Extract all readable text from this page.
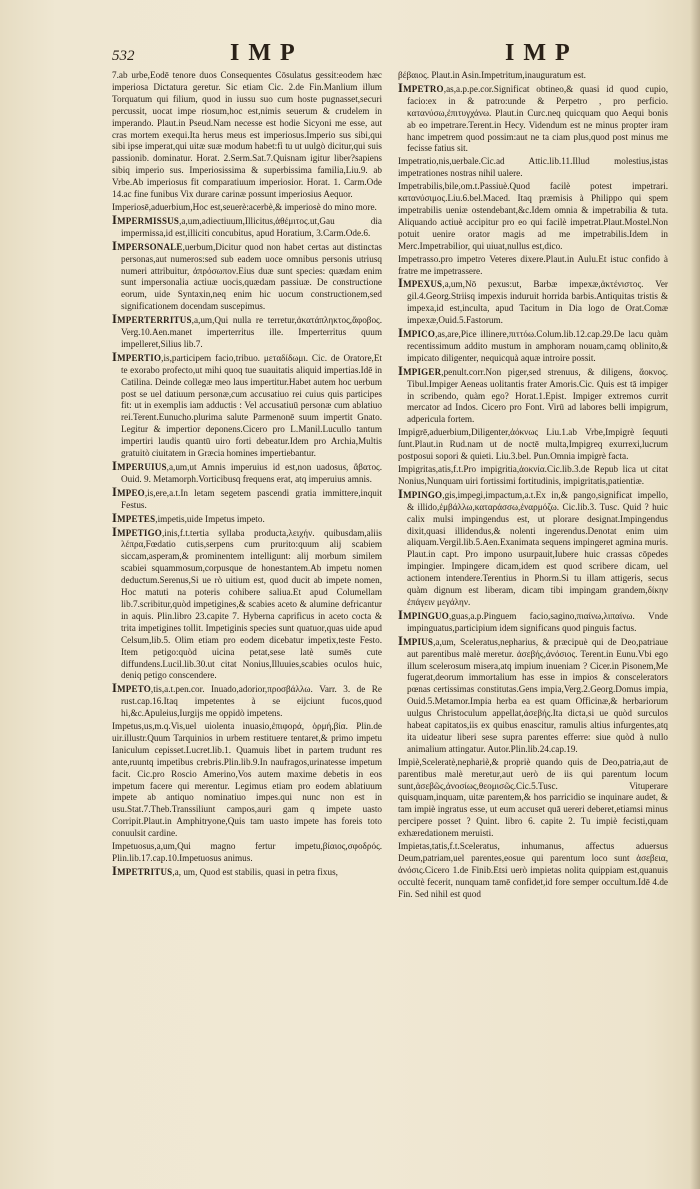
532	IMP	IMP

7.ab urbe,Eodē tenore duos Consequentes Cōsulatus gessit:eodem hæc imperiosa Dictatura geretur. Sic etiam Cic. 2.de Fin.Manlium illum Torquatum qui filium, quod in iussu suo cum hoste pugnasset,securi percussit, uocat impe riosum,hoc est,nimis seuerum & crudelem in imperando. Plaut.in Pseud.Nam necesse est hodie Sicyoni me esse, aut cras mortem exequi.Ita herus meus est imperiosus.Imperio sus sibi,qui sibi ipse imperat,qui uitæ suæ modum habet:fi tu ut uulgò dicitur,qui suis passionib. dominatur. Horat. 2.Serm.Sat.7.Quisnam igitur liber?sapiens sibiq imperio sus. Imperiosissima & superbissima familia,Liu.9. ab Vrbe.Ab imperiosus fit comparatiuum imperiosior. Horat. 1. Carm.Ode 14.ac fine funibus Vix durare carinæ possunt imperiosius Aequor.

Imperiosē,aduerbium,Hoc est,seuerè:acerbè,& imperiosè do mino more.

Impermissus,a,um,adiectiuum,Illicitus,ἀθέμιτος.ut,Gau dia impermissa,id est,illiciti concubitus, apud Horatium, 3.Carm.Ode.6.

Impersonale,uerbum,Dicitur quod non habet certas aut distinctas personas,aut numeros:sed sub eadem uoce omnibus personis utriusq numeri attribuitur, ἀπρόσωπον.Eius duæ sunt species: quædam enim sunt impersonalia actiuæ uocis,quædam passiuæ. De constructione eorum, uide Syntaxin,neq enim hic uocum constructionem,sed significationem docendam suscepimus.

Imperterritus,a,um,Qui nulla re terretur,ἀκατάπληκτος,ἄφοβος. Verg.10.Aen.manet imperterritus ille. Imperterritus quum impelleret,Silius lib.7.

Impertio,is,participem facio,tribuo. μεταδίδωμι. Cic. de Oratore,Et te exorabo profecto,ut mihi quoq tue suauitatis aliquid impertias.Idē in Catilina. Deinde collegæ meo laus impertitur.Habet autem hoc uerbum post se uel datiuum personæ,cum accusatiuo rei cuius quis participes fit: ut in exemplis iam adductis : Vel accusatiuū personæ cum ablatiuo rei.Terent.Eunucho.plurima salute Parmenonē suum impertit Gnato. Legitur & impertior deponens.Cicero pro L.Manil.Lucullo tantum impertiri laudis quantū uiro forti debeatur.Idem pro Archia,Multis gratuitò ciuitatem in Græcia homines impertiebantur.

Imperuius,a,um,ut Amnis imperuius id est,non uadosus, ἄβατος. Ouid. 9. Metamorph.Vorticibusq frequens erat, atq imperuius amnis.

Impeo,is,ere,a.t.In letam segetem pascendi gratia immittere,inquit Festus.

Impetes,impetis,uide Impetus impeto.

Impetigo,inis,f.t.tertia syllaba producta,λειχήν. quibusdam,aliis λέπρα,Fœdatio cutis,serpens cum prurito:quum alij scabiem siccam,asperam,& prominentem intelligunt: alij morbum similem scabiei squammosum,corpusque de honestantem.Ab impetu nomen deductum.Serenus,Si ue rò uitium est, quod ducit ab impete nomen, Hoc matuti na poteris cohibere saliua.Et apud Columellam lib.7.scribitur,quòd impetigines,& scabies aceto & alumine defricantur in aquis. Plin.libro 23.capite 7. Hyberna caprificus in aceto cocta & trita impetigines tollit. Impetiginis species sunt quatuor,quas uide apud Celsum,lib.5. Olim etiam pro eodem dicebatur impetix,teste Festo. Item petigo:quòd uicina petat,sese latè sumēs cute diffundens.Lucil.lib.30.ut citat Nonius,Illuuies,scabies oculos huic, deniq petigo conscendere.

Impeto,tis,a.t.pen.cor. Inuado,adorior,προσβάλλω. Varr. 3. de Re rust.cap.16.Itaq impetentes à se eijciunt fucos,quod hi,&c.Apuleius,Iurgijs me oppidò impetens.

Impetus,us,m.q.Vis,uel uiolenta inuasio,ἐπιφορά, ὁρμή,βία. Plin.de uir.illustr.Quum Tarquinios in urbem restituere tentaret,& primo impetu Ianiculum cepisset.Lucret.lib.1. Quamuis libet in partem trudunt res ante,ruuntq impetibus crebris.Plin.lib.9.In naufragos,urinatesse impetum facit. Cic.pro Roscio Amerino,Vos autem maxime debetis in eos impetum facere qui merentur. Legimus etiam pro eodem ablatiuum impete ab antiquo nominatiuo impes.qui nunc non est in usu.Stat.7.Theb.Transsiliunt campos,auri gam q impete uasto Corripit.Plaut.in Amphitryone,Quis tam uasto impete has foreis toto conuulsit cardine.

Impetuosus,a,um,Qui magno fertur impetu,βίαιος,σφοδρός. Plin.lib.17.cap.10.Impetuosus animus.

Impetritus,a, um, Quod est stabilis, quasi in petra fixus,

βέβαιος. Plaut.in Asin.Impetritum,inauguratum est.

Impetro,as,a.p.pe.cor.Significat obtineo,& quasi id quod cupio, facio:ex in & patro:unde & Perpetro , pro perficio. κατανύσω,ἐπιτυγχάνω. Plaut.in Curc.neq quicquam quo Aequi bonis ab eo impetrare.Terent.in Hecy. Videndum est ne minus propter iram hanc impetrem quod possim:aut ne ta ciam plus,quod post minus me fecisse fatius sit.

Impetratio,nis,uerbale.Cic.ad Attic.lib.11.Illud molestius,istas impetrationes nostras nihil ualere.

Impetrabilis,bile,om.t.Passiuè.Quod facilè potest impetrari. κατανύσιμος.Liu.6.bel.Maced. Itaq præmisis à Philippo qui spem impetrabilis ueniæ ostendebant,&c.Idem omnia & impetrabilia & tuta. Aliquando actiuè accipitur pro eo qui facilè impetrat.Plaut.Mostel.Non potuit uenire orator magis ad me impetrabilis.Idem in Merc.Impetrabilior, qui uiuat,nullus est,dico.

Impetrasso.pro impetro Veteres dixere.Plaut.in Aulu.Et istuc confido à fratre me impetrassere.

Impexus,a,um,Nō pexus:ut, Barbæ impexæ,ἀκτένιστος. Ver gil.4.Georg.Striisq impexis induruit horrida barbis.Antiquitas tristis & impexa,id est,inculta, apud Tacitum in Dia logo de Orat.Comæ impexæ,Ouid.5.Fastorum.

Impico,as,are,Pice illinere,πιττόω.Colum.lib.12.cap.29.De lacu quàm recentissimum addito mustum in amphoram nouam,camq oblinito,& impicato diligenter, nequicquà aquæ introire possit.

Impiger,penult.corr.Non piger,sed strenuus, & diligens, ἄοκνος. Tibul.Impiger Aeneas uolitantis frater Amoris.Cic. Quis est tā impiger in scribendo, quàm ego? Horat.1.Epist. Impiger extremos currit mercator ad Indos. Cicero pro Font. Virū ad labores belli impigrum, adpericula fortem.

Impigrē,aduerbium,Diligenter,ἀόκνως Liu.1.ab Vrbe,Impigrè ſequuti ſunt.Plaut.in Rud.nam ut de noctē multa,Impigreq exurrexi,lucrum postposui sopori & quieti. Liu.3.bel. Pun.Omnia impigrè facta.

Impigritas,atis,f.t.Pro impigritia,ἀοκνία.Cic.lib.3.de Repub lica ut citat Nonius,Nunquam uiri fortissimi fortitudinis, impigritatis,patientiæ.

Impingo,gis,impegi,impactum,a.t.Ex in,& pango,significat impello, & illido,ἐμβάλλω,καταράσσω,ἐναρμόζω. Cic.lib.3. Tusc. Quid ? huic calix mulsi impingendus est, ut plorare designat.Impingendus dixit,quasi illidendus,& nolenti ingerendus.Denotat enim uim aliquam.Vergil.lib.5.Aen.Exanimata sequens impingeret agmina muris. Plaut.in capt. Pro impono usurpauit,Iubere huic crassas cōpedes impingier. Impingere dicam,idem est quod scribere dicam, uel actionem intendere.Terentius in Phorm.Si tu illam attigeris, secus quàm dignum est liberam, dicam tibi impingam grandem,δίκην ἐπάγειν μεγάλην.

Impinguo,guas,a.p.Pinguem facio,sagino,πιαίνω,λιπαίνω. Vnde impinguatus,participium idem significans quod pinguis factus.

Impius,a,um, Sceleratus,nepharius, & præcipuè qui de Deo,patriaue aut parentibus malè meretur. ἀσεβής,ἀνόσιος. Terent.in Eunu.Vbi ego illum scelerosum misera,atq impium inueniam ? Cicer.in Pisonem,Me fugerat,deorum immortalium has esse in impios & conscelerators pœnas certissimas constitutas.Gens impia,Verg.2.Georg.Domus impia, Ouid.5.Metamor.Impia herba ea est quam Officinæ,& herbariorum uulgus Christoculum appellat,ἀσεβής.Ita dicta,si ue quòd surculos habeat capitatos,iis ex quibus enascitur, ramulis altius infurgentes,atq ita uideatur liberi sese supra parentes efferre: siue quòd à nullo animalium attingatur. Autor.Plin.lib.24.cap.19.

Impiè,Sceleratè,nephariè,& propriè quando quis de Deo,patria,aut de parentibus malè meretur,aut uerò de iis qui parentum locum sunt,ἀσεβῶς,ἀνοσίως,θεομισῶς.Cic.5.Tusc. Vituperare quisquam,inquam, uitæ parentem,& hos parricidio se inquinare audet, & tam impiè ingratus esse, ut eum accuset quā uereri deberet,etiamsi minus percipere posset ? Quint. libro 6. capite 2. Tu impiè fecisti,quam exhæredationem meruisti.

Impietas,tatis,f.t.Sceleratus, inhumanus, affectus aduersus Deum,patriam,uel parentes,eosue qui parentum loco sunt ἀσεβεια, ἀνόσις.Cicero 1.de Finib.Etsi uerò impietas nolita quippiam est,quanuis occultè fecerit, nunquam tamē confidet,id fore semper occultum.Idē 4.de Fin. Sed nihil est quod
